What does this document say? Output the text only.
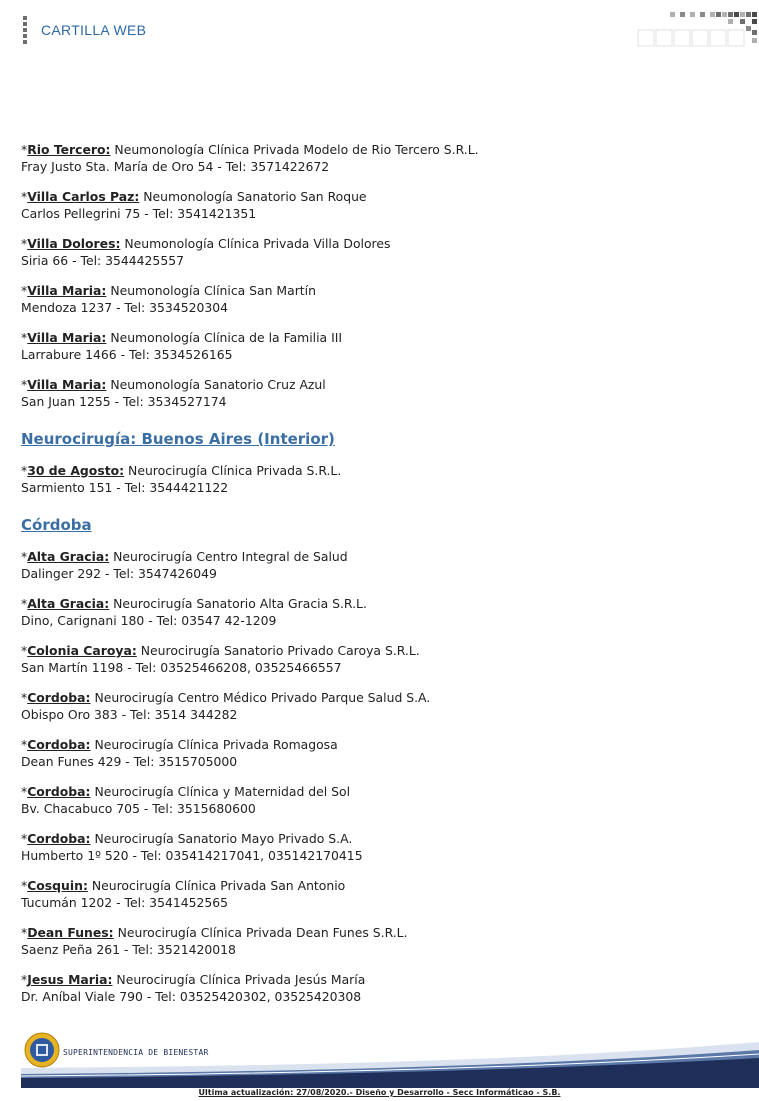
CARTILLA WEB
*Rio Tercero: Neumonología Clínica Privada Modelo de Rio Tercero S.R.L.
Fray Justo Sta. María de Oro 54 - Tel: 3571422672
*Villa Carlos Paz: Neumonología Sanatorio San Roque
Carlos Pellegrini 75 - Tel: 3541421351
*Villa Dolores: Neumonología Clínica Privada Villa Dolores
Siria 66 - Tel: 3544425557
*Villa Maria: Neumonología Clínica San Martín
Mendoza 1237 - Tel: 3534520304
*Villa Maria: Neumonología Clínica de la Familia III
Larrabure 1466 - Tel: 3534526165
*Villa Maria: Neumonología Sanatorio Cruz Azul
San Juan 1255 - Tel: 3534527174
Neurocirugía: Buenos Aires (Interior)
*30 de Agosto: Neurocirugía Clínica Privada S.R.L.
Sarmiento 151 - Tel: 3544421122
Córdoba
*Alta Gracia: Neurocirugía Centro Integral de Salud
Dalinger 292 - Tel: 3547426049
*Alta Gracia: Neurocirugía Sanatorio Alta Gracia S.R.L.
Dino, Carignani 180 - Tel: 03547 42-1209
*Colonia Caroya: Neurocirugía Sanatorio Privado Caroya S.R.L.
San Martín 1198 - Tel: 03525466208, 03525466557
*Cordoba: Neurocirugía Centro Médico Privado Parque Salud S.A.
Obispo Oro 383 - Tel: 3514 344282
*Cordoba: Neurocirugía Clínica Privada Romagosa
Dean Funes 429 - Tel: 3515705000
*Cordoba: Neurocirugía Clínica y Maternidad del Sol
Bv. Chacabuco 705 - Tel: 3515680600
*Cordoba: Neurocirugía Sanatorio Mayo Privado S.A.
Humberto 1º 520 - Tel: 035414217041, 035142170415
*Cosquin: Neurocirugía Clínica Privada San Antonio
Tucumán 1202 - Tel: 3541452565
*Dean Funes: Neurocirugía Clínica Privada Dean Funes S.R.L.
Saenz Peña 261 - Tel: 3521420018
*Jesus Maria: Neurocirugía Clínica Privada Jesús María
Dr. Aníbal Viale 790 - Tel: 03525420302, 03525420308
SUPERINTENDENCIA DE BIENESTAR
Ultima actualización: 27/08/2020.- Diseño y Desarrollo - Secc Informáticao - S.B.
